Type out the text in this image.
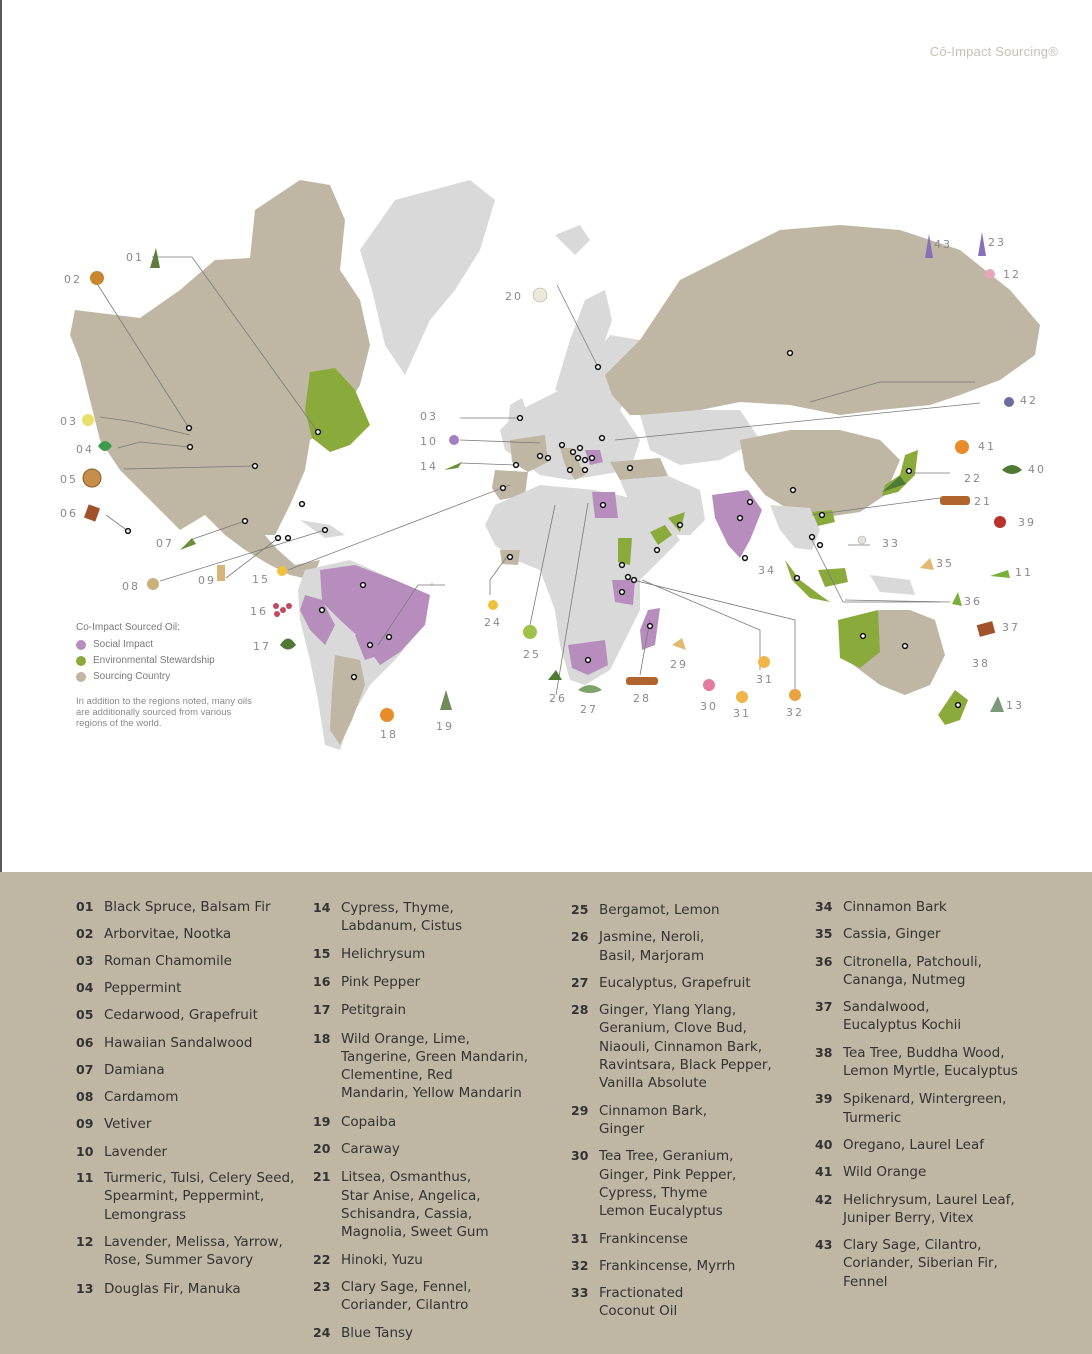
Cō-Impact Sourcing®
01
02
03
04
05
06
07
08	09
03
10
14
15
16
17
18
19
20
24
25
26
27
28
29
30
31
31
32
34
43	23
12
42
41
40
22
21
39
33
35
11
36
37
38
13
Co-Impact Sourced Oil:
Social Impact
Environmental Stewardship
Sourcing Country
In addition to the regions noted, many oils are additionally sourced from various regions of the world.
01 Black Spruce, Balsam Fir
02 Arborvitae, Nootka
03 Roman Chamomile
04 Peppermint
05 Cedarwood, Grapefruit
06 Hawaiian Sandalwood
07 Damiana
08 Cardamom
09 Vetiver
10 Lavender
11 Turmeric, Tulsi, Celery Seed,
Spearmint, Peppermint,
Lemongrass
12 Lavender, Melissa, Yarrow,
Rose, Summer Savory
13 Douglas Fir, Manuka
14 Cypress, Thyme,
Labdanum, Cistus
15 Helichrysum
16 Pink Pepper
17 Petitgrain
18 Wild Orange, Lime,
Tangerine, Green Mandarin,
Clementine, Red
Mandarin, Yellow Mandarin
19 Copaiba
20 Caraway
21 Litsea, Osmanthus,
Star Anise, Angelica,
Schisandra, Cassia,
Magnolia, Sweet Gum
22 Hinoki, Yuzu
23 Clary Sage, Fennel,
Coriander, Cilantro
24 Blue Tansy
25 Bergamot, Lemon
26 Jasmine, Neroli,
Basil, Marjoram
27 Eucalyptus, Grapefruit
28 Ginger, Ylang Ylang,
Geranium, Clove Bud,
Niaouli, Cinnamon Bark,
Ravintsara, Black Pepper,
Vanilla Absolute
29 Cinnamon Bark,
Ginger
30 Tea Tree, Geranium,
Ginger, Pink Pepper,
Cypress, Thyme
Lemon Eucalyptus
31 Frankincense
32 Frankincense, Myrrh
33 Fractionated
Coconut Oil
34 Cinnamon Bark
35 Cassia, Ginger
36 Citronella, Patchouli,
Cananga, Nutmeg
37 Sandalwood,
Eucalyptus Kochii
38 Tea Tree, Buddha Wood,
Lemon Myrtle, Eucalyptus
39 Spikenard, Wintergreen,
Turmeric
40 Oregano, Laurel Leaf
41 Wild Orange
42 Helichrysum, Laurel Leaf,
Juniper Berry, Vitex
43 Clary Sage, Cilantro,
Coriander, Siberian Fir,
Fennel
